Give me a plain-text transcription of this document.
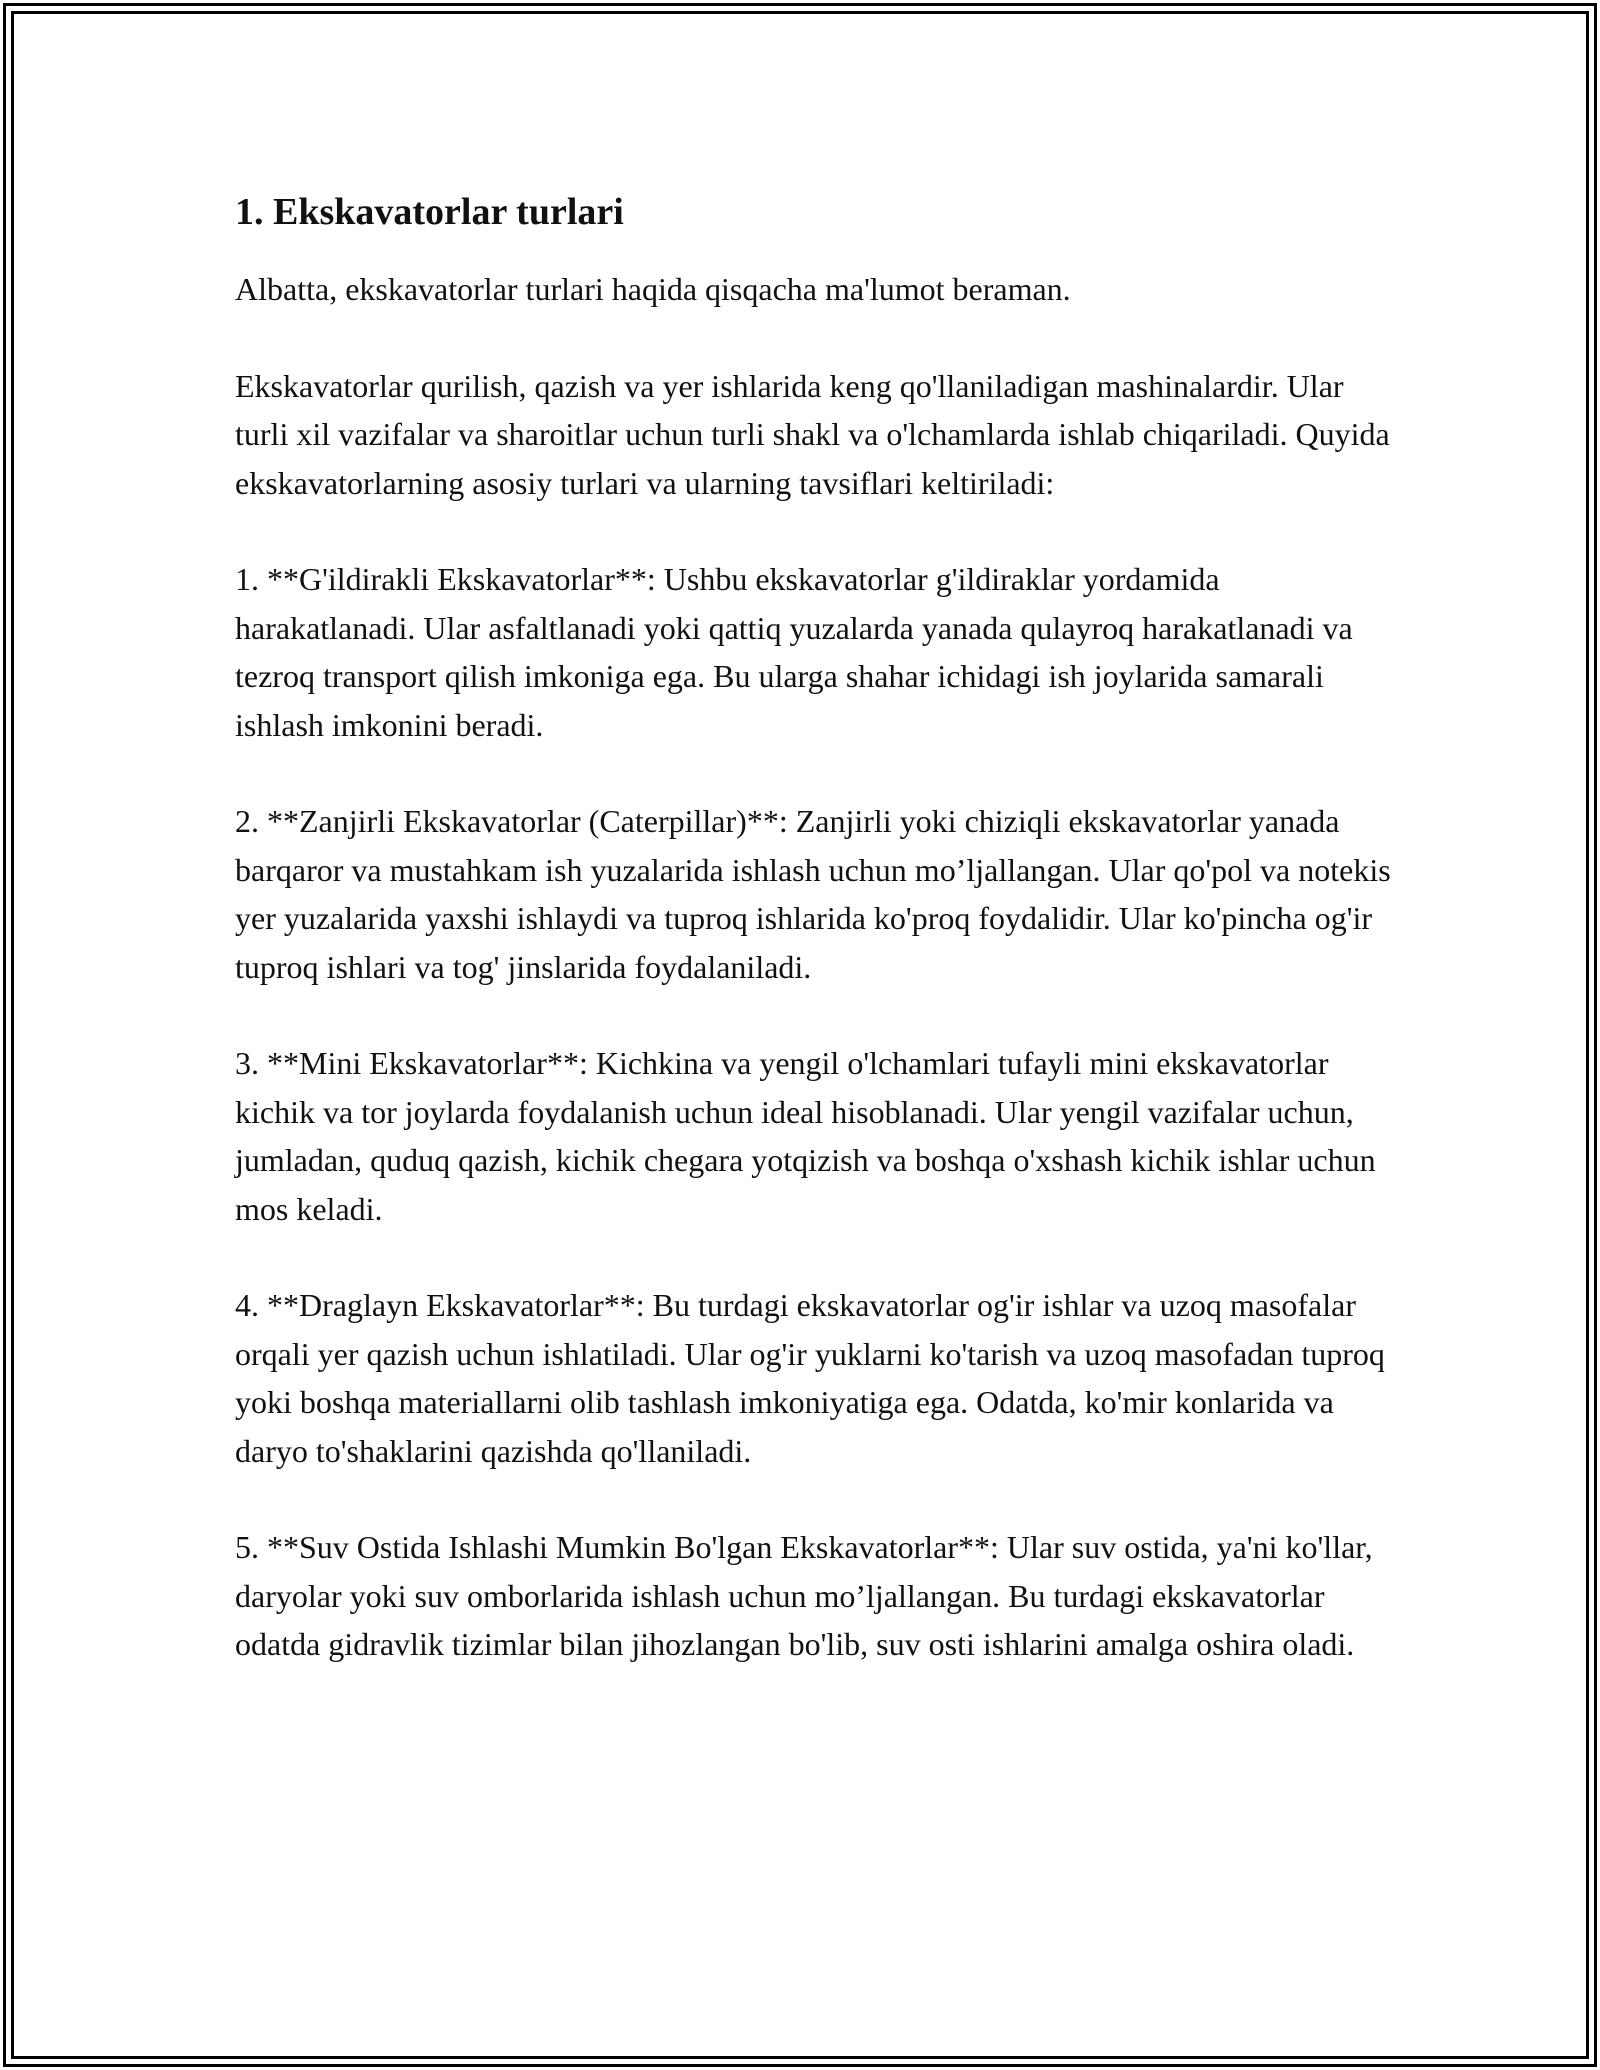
1. Ekskavatorlar turlari

Albatta, ekskavatorlar turlari haqida qisqacha ma'lumot beraman.

Ekskavatorlar qurilish, qazish va yer ishlarida keng qo'llaniladigan mashinalardir. Ular turli xil vazifalar va sharoitlar uchun turli shakl va o'lchamlarda ishlab chiqariladi. Quyida ekskavatorlarning asosiy turlari va ularning tavsiflari keltiriladi:

1. **G'ildirakli Ekskavatorlar**: Ushbu ekskavatorlar g'ildiraklar yordamida harakatlanadi. Ular asfaltlanadi yoki qattiq yuzalarda yanada qulayroq harakatlanadi va tezroq transport qilish imkoniga ega. Bu ularga shahar ichidagi ish joylarida samarali ishlash imkonini beradi.

2. **Zanjirli Ekskavatorlar (Caterpillar)**: Zanjirli yoki chiziqli ekskavatorlar yanada barqaror va mustahkam ish yuzalarida ishlash uchun mo’ljallangan. Ular qo'pol va notekis yer yuzalarida yaxshi ishlaydi va tuproq ishlarida ko'proq foydalidir. Ular ko'pincha og'ir tuproq ishlari va tog' jinslarida foydalaniladi.

3. **Mini Ekskavatorlar**: Kichkina va yengil o'lchamlari tufayli mini ekskavatorlar kichik va tor joylarda foydalanish uchun ideal hisoblanadi. Ular yengil vazifalar uchun, jumladan, quduq qazish, kichik chegara yotqizish va boshqa o'xshash kichik ishlar uchun mos keladi.

4. **Draglayn Ekskavatorlar**: Bu turdagi ekskavatorlar og'ir ishlar va uzoq masofalar orqali yer qazish uchun ishlatiladi. Ular og'ir yuklarni ko'tarish va uzoq masofadan tuproq yoki boshqa materiallarni olib tashlash imkoniyatiga ega. Odatda, ko'mir konlarida va daryo to'shaklarini qazishda qo'llaniladi.

5. **Suv Ostida Ishlashi Mumkin Bo'lgan Ekskavatorlar**: Ular suv ostida, ya'ni ko'llar, daryolar yoki suv omborlarida ishlash uchun mo’ljallangan. Bu turdagi ekskavatorlar odatda gidravlik tizimlar bilan jihozlangan bo'lib, suv osti ishlarini amalga oshira oladi.
